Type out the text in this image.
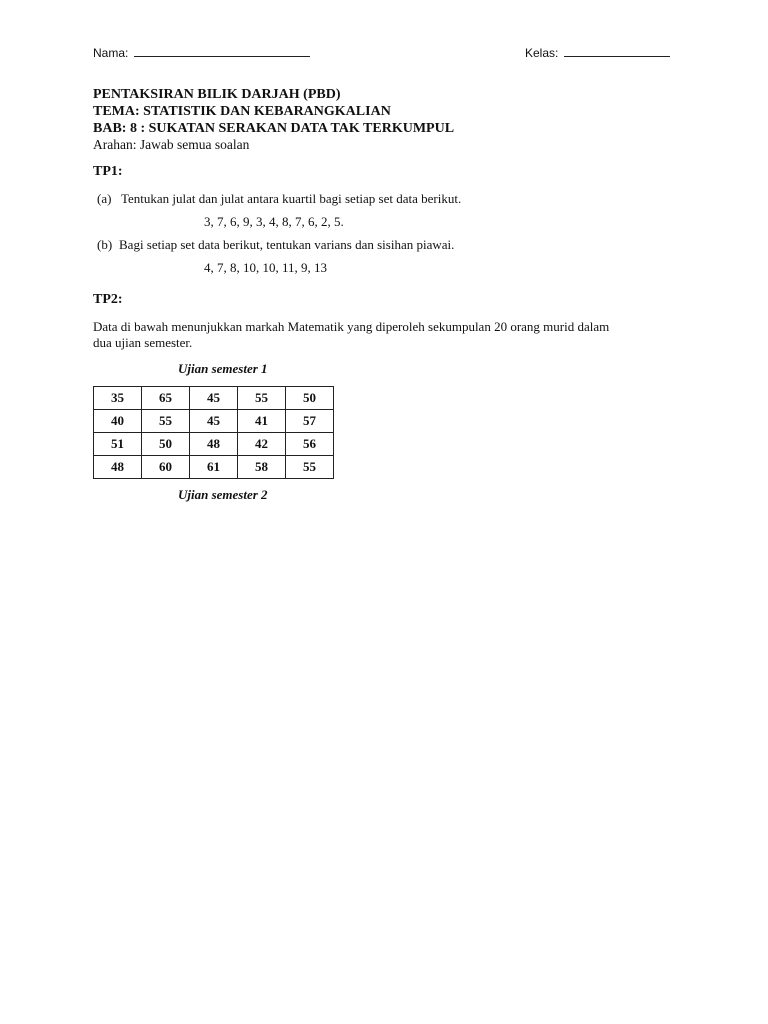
Nama:	Kelas:
PENTAKSIRAN BILIK DARJAH (PBD)
TEMA: STATISTIK DAN KEBARANGKALIAN
BAB: 8 : SUKATAN SERAKAN DATA TAK TERKUMPUL
Arahan: Jawab semua soalan
TP1:
(a) Tentukan julat dan julat antara kuartil bagi setiap set data berikut.
3, 7, 6, 9, 3, 4, 8, 7, 6, 2, 5.
(b) Bagi setiap set data berikut, tentukan varians dan sisihan piawai.
4, 7, 8, 10, 10, 11, 9, 13
TP2:
Data di bawah menunjukkan markah Matematik yang diperoleh sekumpulan 20 orang murid dalam
dua ujian semester.
Ujian semester 1
35	65	45	55	50
40	55	45	41	57
51	50	48	42	56
48	60	61	58	55
Ujian semester 2
